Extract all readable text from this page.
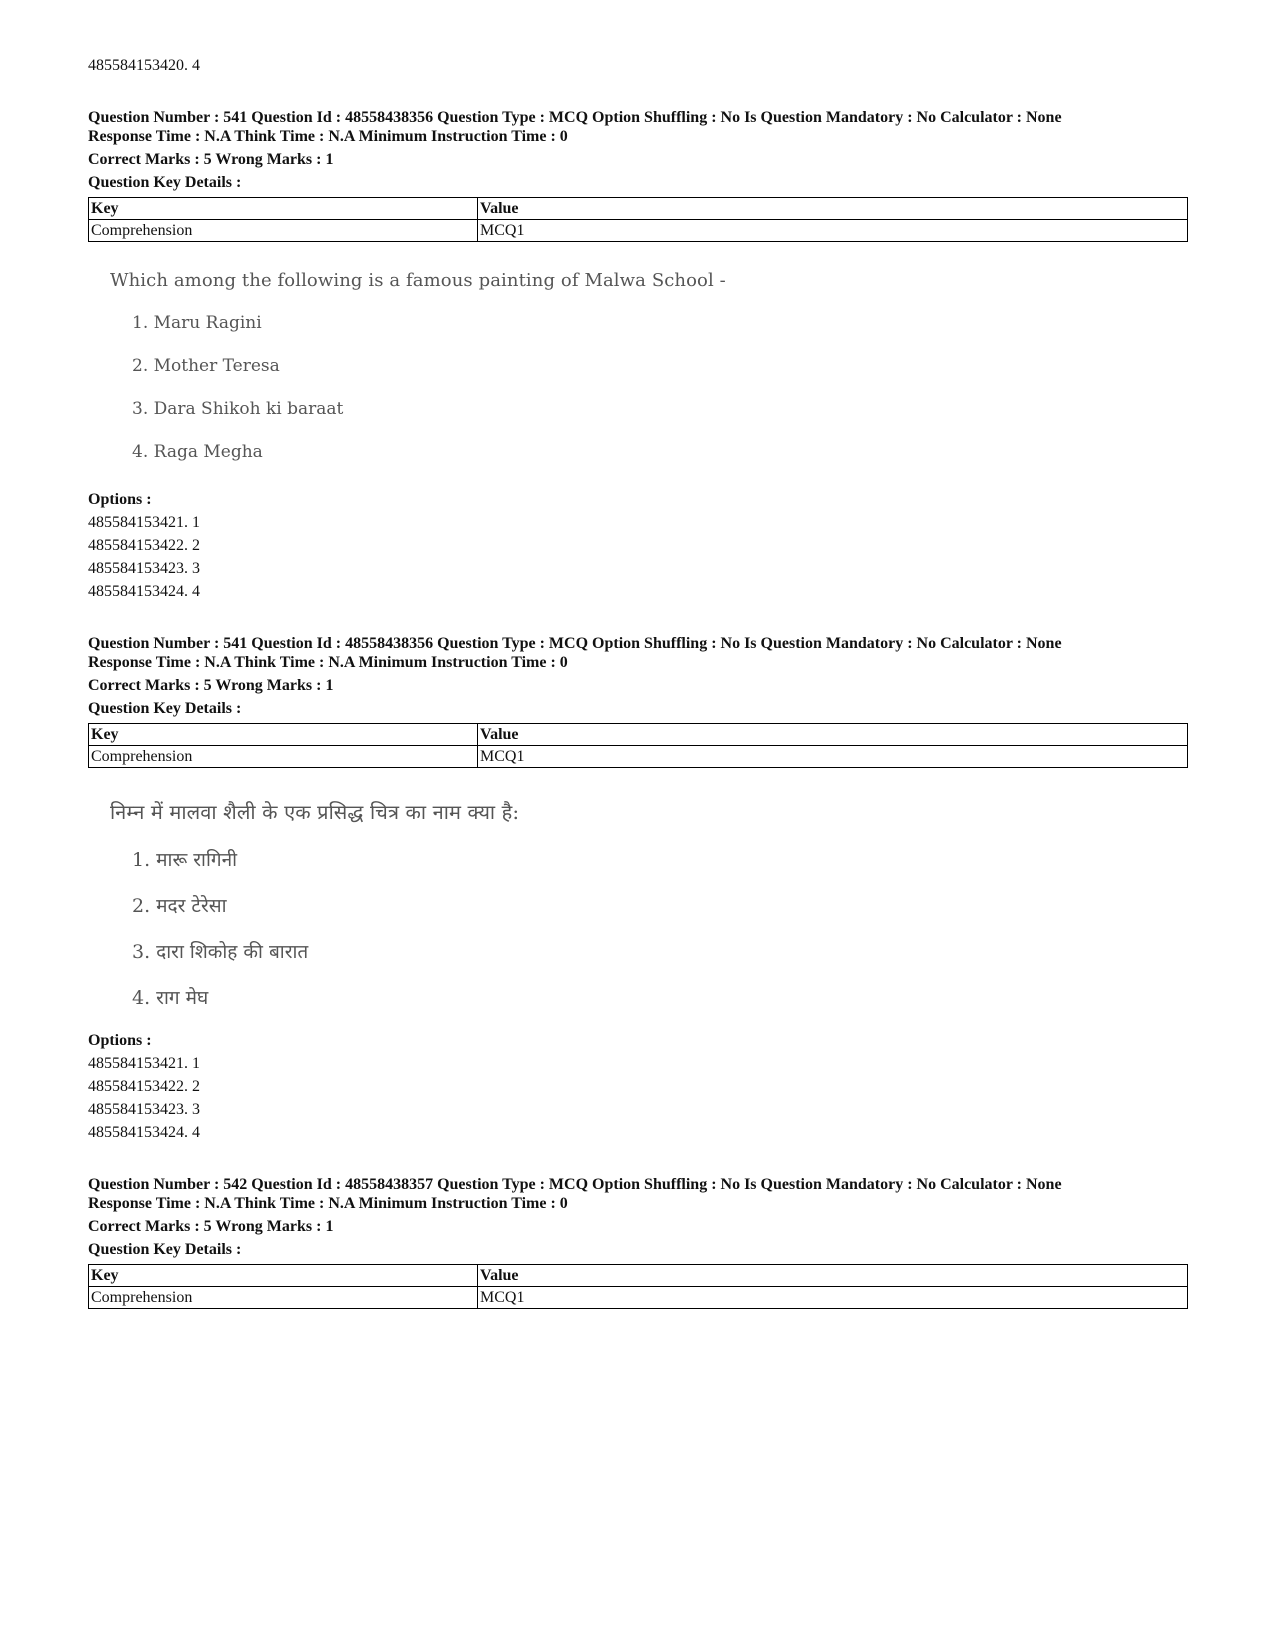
485584153420. 4
Question Number : 541 Question Id : 48558438356 Question Type : MCQ Option Shuffling : No Is Question Mandatory : No Calculator : None
Response Time : N.A Think Time : N.A Minimum Instruction Time : 0
Correct Marks : 5 Wrong Marks : 1
Question Key Details :
Key	Value
Comprehension	MCQ1
Which among the following is a famous painting of Malwa School -
1. Maru Ragini
2. Mother Teresa
3. Dara Shikoh ki baraat
4. Raga Megha
Options :
485584153421. 1
485584153422. 2
485584153423. 3
485584153424. 4
Question Number : 541 Question Id : 48558438356 Question Type : MCQ Option Shuffling : No Is Question Mandatory : No Calculator : None
Response Time : N.A Think Time : N.A Minimum Instruction Time : 0
Correct Marks : 5 Wrong Marks : 1
Question Key Details :
Key	Value
Comprehension	MCQ1
निम्न में मालवा शैली के एक प्रसिद्ध चित्र का नाम क्या है:
1. मारू रागिनी
2. मदर टेरेसा
3. दारा शिकोह की बारात
4. राग मेघ
Options :
485584153421. 1
485584153422. 2
485584153423. 3
485584153424. 4
Question Number : 542 Question Id : 48558438357 Question Type : MCQ Option Shuffling : No Is Question Mandatory : No Calculator : None
Response Time : N.A Think Time : N.A Minimum Instruction Time : 0
Correct Marks : 5 Wrong Marks : 1
Question Key Details :
Key	Value
Comprehension	MCQ1
